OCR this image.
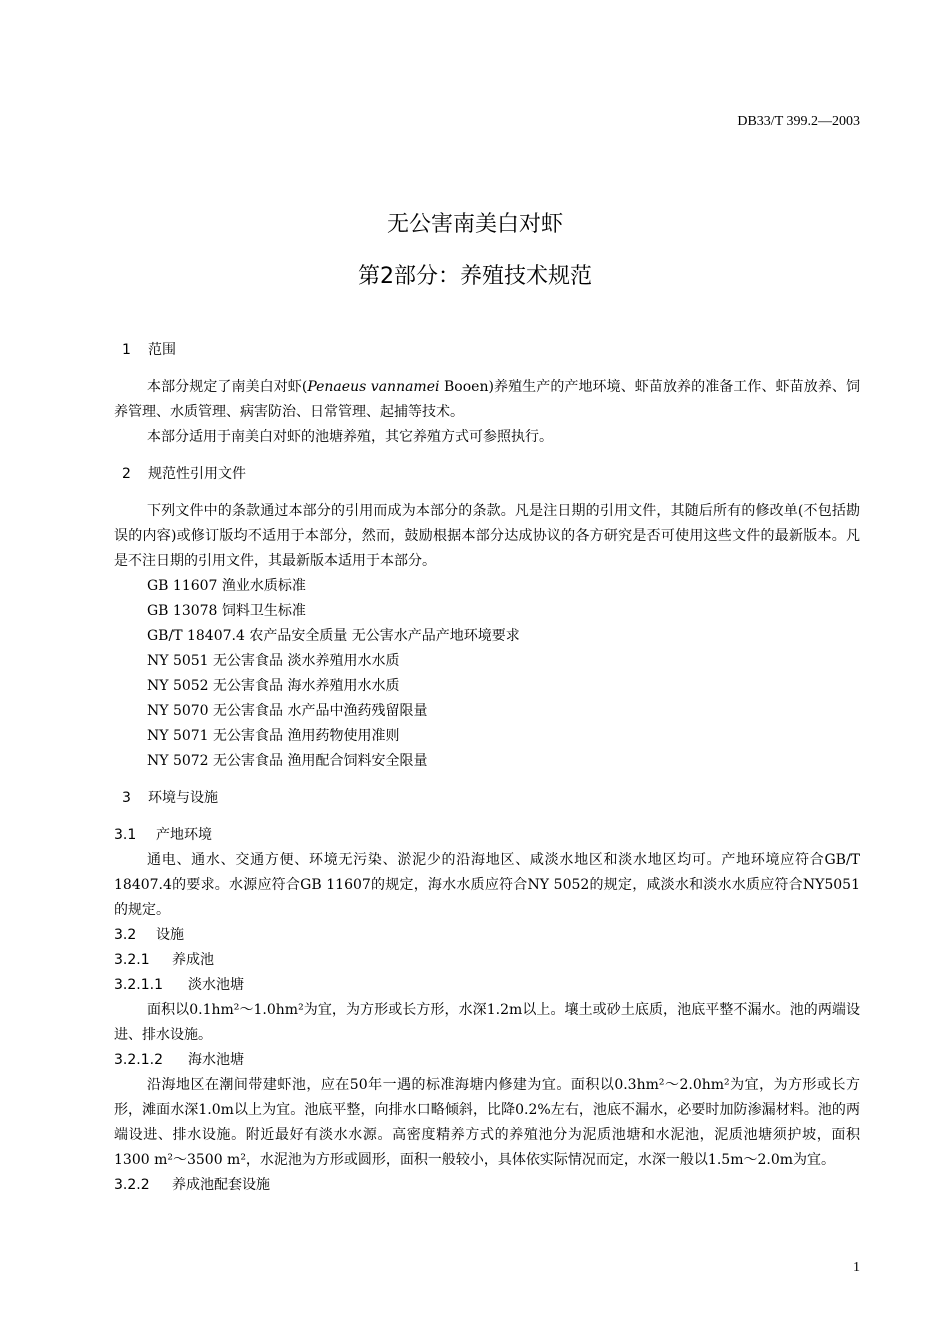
DB33/T 399.2—2003
无公害南美白对虾
第2部分：养殖技术规范
1 范围

本部分规定了南美白对虾(Penaeus vannamei Booen)养殖生产的产地环境、虾苗放养的准备工作、虾苗放养、饲养管理、水质管理、病害防治、日常管理、起捕等技术。

本部分适用于南美白对虾的池塘养殖，其它养殖方式可参照执行。

2 规范性引用文件

下列文件中的条款通过本部分的引用而成为本部分的条款。凡是注日期的引用文件，其随后所有的修改单(不包括勘误的内容)或修订版均不适用于本部分，然而，鼓励根据本部分达成协议的各方研究是否可使用这些文件的最新版本。凡是不注日期的引用文件，其最新版本适用于本部分。

GB 11607 渔业水质标准

GB 13078 饲料卫生标准

GB/T 18407.4 农产品安全质量 无公害水产品产地环境要求

NY 5051 无公害食品 淡水养殖用水水质

NY 5052 无公害食品 海水养殖用水水质

NY 5070 无公害食品 水产品中渔药残留限量

NY 5071 无公害食品 渔用药物使用准则

NY 5072 无公害食品 渔用配合饲料安全限量

3 环境与设施
3.1 产地环境

通电、通水、交通方便、环境无污染、淤泥少的沿海地区、咸淡水地区和淡水地区均可。产地环境应符合GB/T 18407.4的要求。水源应符合GB 11607的规定，海水水质应符合NY 5052的规定，咸淡水和淡水水质应符合NY5051的规定。

3.2 设施
3.2.1 养成池
3.2.1.1 淡水池塘

面积以0.1hm²～1.0hm²为宜，为方形或长方形，水深1.2m以上。壤土或砂土底质，池底平整不漏水。池的两端设进、排水设施。

3.2.1.2 海水池塘

沿海地区在潮间带建虾池，应在50年一遇的标准海塘内修建为宜。面积以0.3hm²～2.0hm²为宜，为方形或长方形，滩面水深1.0m以上为宜。池底平整，向排水口略倾斜，比降0.2%左右，池底不漏水，必要时加防渗漏材料。池的两端设进、排水设施。附近最好有淡水水源。高密度精养方式的养殖池分为泥质池塘和水泥池，泥质池塘须护坡，面积1300 m²～3500 m²，水泥池为方形或圆形，面积一般较小，具体依实际情况而定，水深一般以1.5m～2.0m为宜。

3.2.2 养成池配套设施
1
